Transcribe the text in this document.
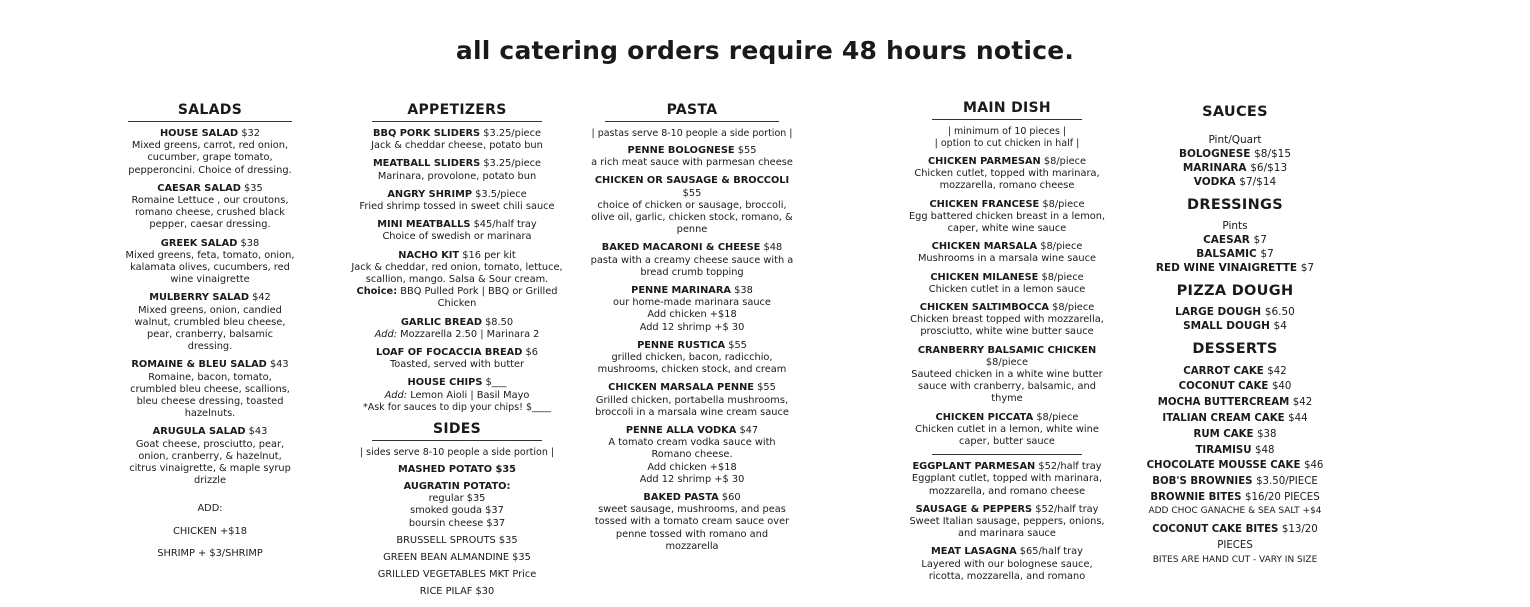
all catering orders require 48 hours notice.
SALADS
HOUSE SALAD $32
Mixed greens, carrot, red onion, cucumber, grape tomato, pepperoncini. Choice of dressing.
CAESAR SALAD $35
Romaine Lettuce , our croutons, romano cheese, crushed black pepper, caesar dressing.
GREEK SALAD $38
Mixed greens, feta, tomato, onion, kalamata olives, cucumbers, red wine vinaigrette
MULBERRY SALAD $42
Mixed greens, onion, candied walnut, crumbled bleu cheese, pear, cranberry, balsamic dressing.
ROMAINE & BLEU SALAD $43
Romaine, bacon, tomato, crumbled bleu cheese, scallions, bleu cheese dressing, toasted hazelnuts.
ARUGULA SALAD $43
Goat cheese, prosciutto, pear, onion, cranberry, & hazelnut, citrus vinaigrette, & maple syrup drizzle
ADD:
CHICKEN +$18
SHRIMP + $3/SHRIMP
APPETIZERS
BBQ PORK SLIDERS $3.25/piece
Jack & cheddar cheese, potato bun
MEATBALL SLIDERS $3.25/piece
Marinara, provolone, potato bun
ANGRY SHRIMP $3.5/piece
Fried shrimp tossed in sweet chili sauce
MINI MEATBALLS $45/half tray
Choice of swedish or marinara
NACHO KIT $16 per kit
Jack & cheddar, red onion, tomato, lettuce, scallion, mango. Salsa & Sour cream.
Choice: BBQ Pulled Pork | BBQ or Grilled Chicken
GARLIC BREAD $8.50
Add: Mozzarella 2.50 | Marinara 2
LOAF OF FOCACCIA BREAD $6
Toasted, served with butter
HOUSE CHIPS $___
Add: Lemon Aioli | Basil Mayo
*Ask for sauces to dip your chips! $____
SIDES
| sides serve 8-10 people a side portion |
MASHED POTATO $35
AUGRATIN POTATO:
regular $35
smoked gouda $37
boursin cheese $37
BRUSSELL SPROUTS $35
GREEN BEAN ALMANDINE $35
GRILLED VEGETABLES MKT Price
RICE PILAF $30
PASTA
| pastas serve 8-10 people a side portion |
PENNE BOLOGNESE $55
a rich meat sauce with parmesan cheese
CHICKEN OR SAUSAGE & BROCCOLI $55
choice of chicken or sausage, broccoli, olive oil, garlic, chicken stock, romano, & penne
BAKED MACARONI & CHEESE $48
pasta with a creamy cheese sauce with a bread crumb topping
PENNE MARINARA $38
our home-made marinara sauce
Add chicken +$18
Add 12 shrimp +$ 30
PENNE RUSTICA $55
grilled chicken, bacon, radicchio, mushrooms, chicken stock, and cream
CHICKEN MARSALA PENNE $55
Grilled chicken, portabella mushrooms, broccoli in a marsala wine cream sauce
PENNE ALLA VODKA $47
A tomato cream vodka sauce with Romano cheese.
Add chicken +$18
Add 12 shrimp +$ 30
BAKED PASTA $60
sweet sausage, mushrooms, and peas tossed with a tomato cream sauce over penne tossed with romano and mozzarella
MAIN DISH
| minimum of 10 pieces |
| option to cut chicken in half |
CHICKEN PARMESAN $8/piece
Chicken cutlet, topped with marinara, mozzarella, romano cheese
CHICKEN FRANCESE $8/piece
Egg battered chicken breast in a lemon, caper, white wine sauce
CHICKEN MARSALA $8/piece
Mushrooms in a marsala wine sauce
CHICKEN MILANESE $8/piece
Chicken cutlet in a lemon sauce
CHICKEN SALTIMBOCCA $8/piece
Chicken breast topped with mozzarella, prosciutto, white wine butter sauce
CRANBERRY BALSAMIC CHICKEN $8/piece
Sauteed chicken in a white wine butter sauce with cranberry, balsamic, and thyme
CHICKEN PICCATA $8/piece
Chicken cutlet in a lemon, white wine caper, butter sauce
EGGPLANT PARMESAN $52/half tray
Eggplant cutlet, topped with marinara, mozzarella, and romano cheese
SAUSAGE & PEPPERS $52/half tray
Sweet Italian sausage, peppers, onions, and marinara sauce
MEAT LASAGNA $65/half tray
Layered with our bolognese sauce, ricotta, mozzarella, and romano
SAUCES
Pint/Quart
BOLOGNESE $8/$15
MARINARA $6/$13
VODKA $7/$14
DRESSINGS
Pints
CAESAR $7
BALSAMIC $7
RED WINE VINAIGRETTE $7
PIZZA DOUGH
LARGE DOUGH $6.50
SMALL DOUGH $4
DESSERTS
CARROT CAKE $42
COCONUT CAKE $40
MOCHA BUTTERCREAM $42
ITALIAN CREAM CAKE $44
RUM CAKE $38
TIRAMISU $48
CHOCOLATE MOUSSE CAKE $46
BOB'S BROWNIES $3.50/PIECE
BROWNIE BITES $16/20 PIECES
ADD CHOC GANACHE & SEA SALT +$4
COCONUT CAKE BITES $13/20 PIECES
BITES ARE HAND CUT - VARY IN SIZE
